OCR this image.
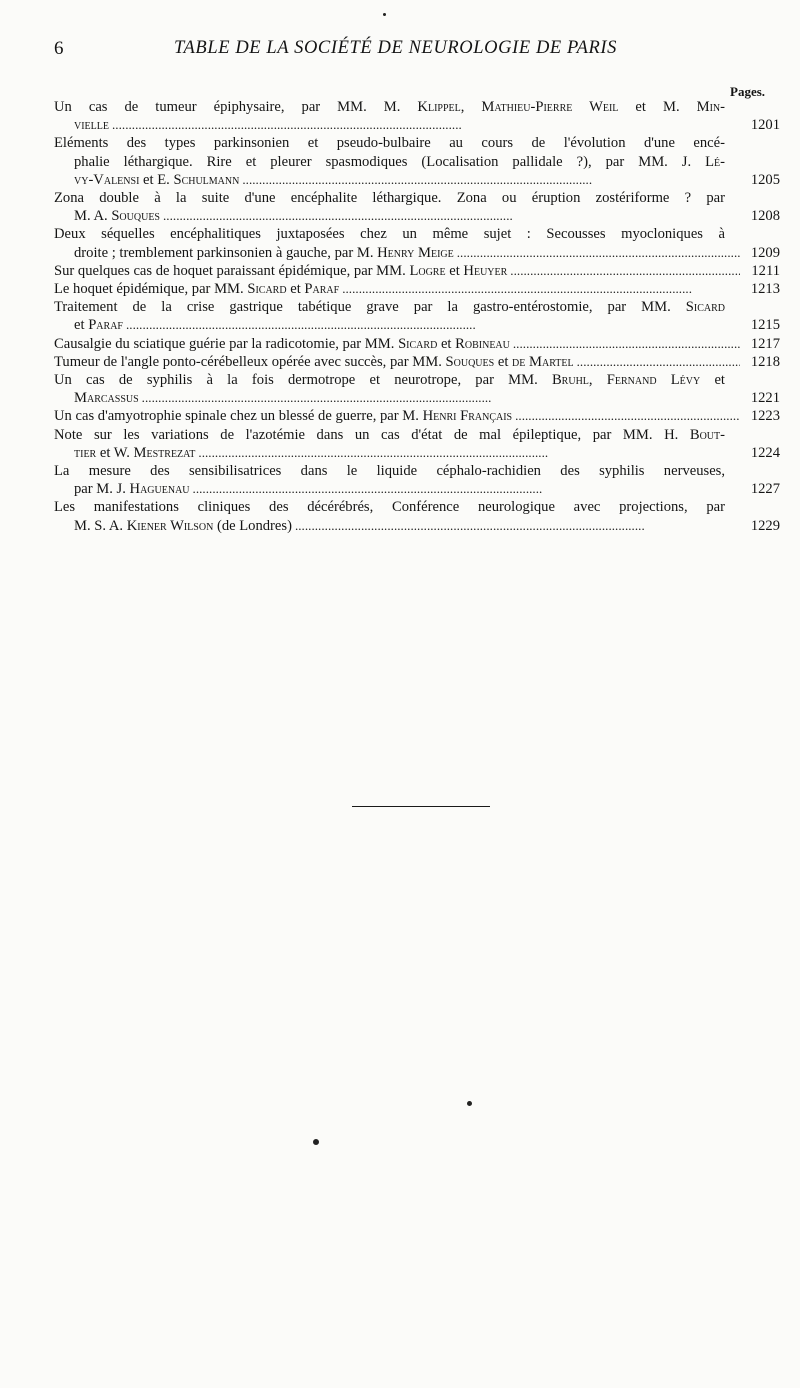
6	TABLE DE LA SOCIÉTÉ DE NEUROLOGIE DE PARIS
Pages.
Un cas de tumeur épiphysaire, par MM. M. Klippel, Mathieu-Pierre Weil et M. Min-
vielle . . .	1201
Eléments des types parkinsonien et pseudo-bulbaire au cours de l'évolution d'une encé-
phalie léthargique. Rire et pleurer spasmodiques (Localisation pallidale ?), par MM. J. Lé-
vy-Valensi et E. Schulmann . . .	1205
Zona double à la suite d'une encéphalite léthargique. Zona ou éruption zostériforme ? par
M. A. Souques . . .	1208
Deux séquelles encéphalitiques juxtaposées chez un même sujet : Secousses myocloniques à
droite ; tremblement parkinsonien à gauche, par M. Henry Meige . . .	1209
Sur quelques cas de hoquet paraissant épidémique, par MM. Logre et Heuyer . . .	1211
Le hoquet épidémique, par MM. Sicard et Paraf . . .	1213
Traitement de la crise gastrique tabétique grave par la gastro-entérostomie, par MM. Sicard
et Paraf . . .	1215
Causalgie du sciatique guérie par la radicotomie, par MM. Sicard et Robineau . . .	1217
Tumeur de l'angle ponto-cérébelleux opérée avec succès, par MM. Souques et de Martel . . .	1218
Un cas de syphilis à la fois dermotrope et neurotrope, par MM. Bruhl, Fernand Lévy et
Marcassus . . .	1221
Un cas d'amyotrophie spinale chez un blessé de guerre, par M. Henri Français . . .	1223
Note sur les variations de l'azotémie dans un cas d'état de mal épileptique, par MM. H. Bout-
tier et W. Mestrezat . . .	1224
La mesure des sensibilisatrices dans le liquide céphalo-rachidien des syphilis nerveuses,
par M. J. Haguenau . . .	1227
Les manifestations cliniques des décérébrés, Conférence neurologique avec projections, par
M. S. A. Kiener Wilson (de Londres) . . .	1229
